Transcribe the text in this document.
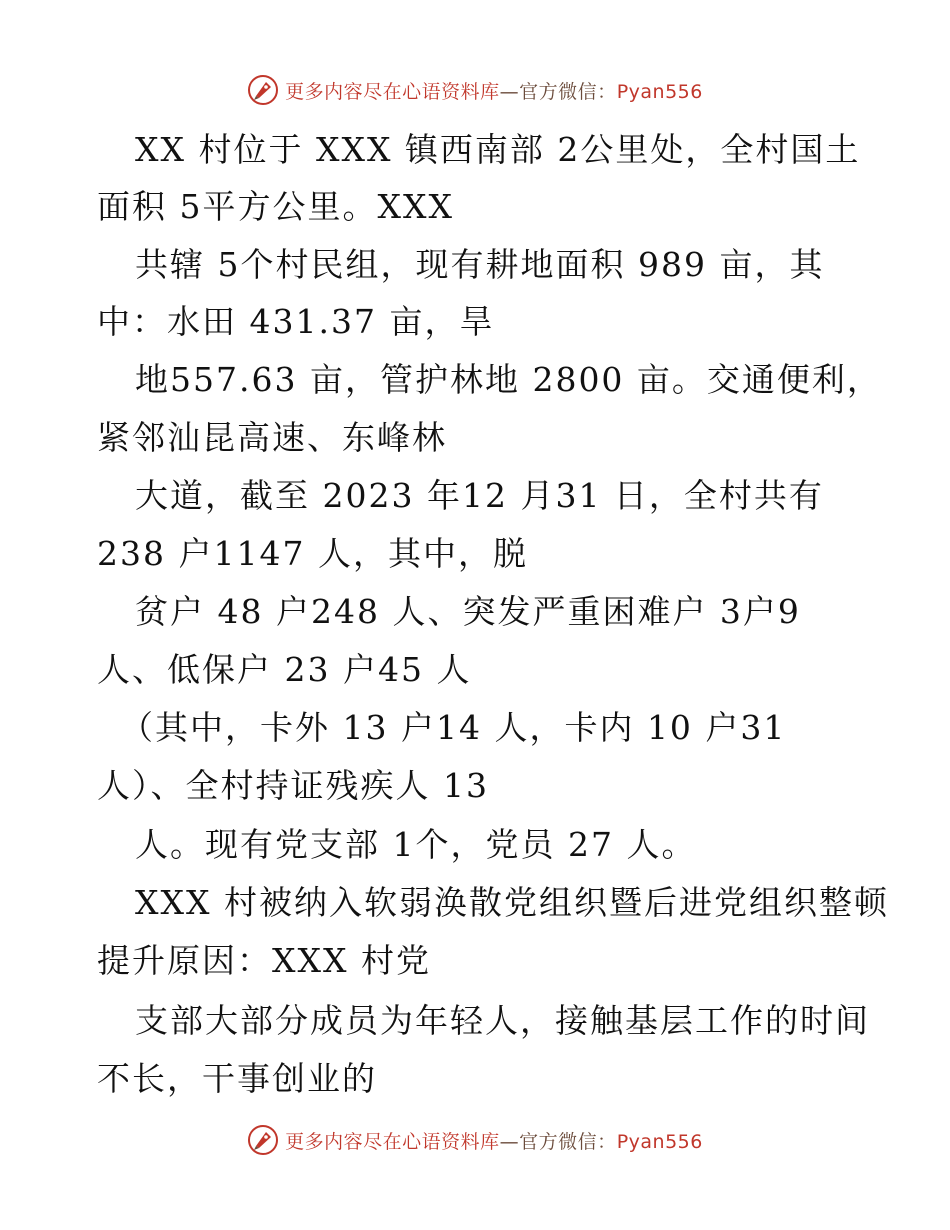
更多内容尽在心语资料库—官方微信：Pyan556
XX 村位于 XXX 镇西南部 2公里处，全村国土
面积 5平方公里。XXX
共辖 5个村民组，现有耕地面积 989 亩，其
中：水田 431.37 亩，旱
地557.63 亩，管护林地 2800 亩。交通便利，
紧邻汕昆高速、东峰林
大道，截至 2023 年12 月31 日，全村共有
238 户1147 人，其中，脱
贫户 48 户248 人、突发严重困难户 3户9
人、低保户 23 户45 人
（其中，卡外 13 户14 人，卡内 10 户31
人）、全村持证残疾人 13
人。现有党支部 1个，党员 27 人。
XXX 村被纳入软弱涣散党组织暨后进党组织整顿
提升原因：XXX 村党
支部大部分成员为年轻人，接触基层工作的时间
不长，干事创业的
更多内容尽在心语资料库—官方微信：Pyan556
